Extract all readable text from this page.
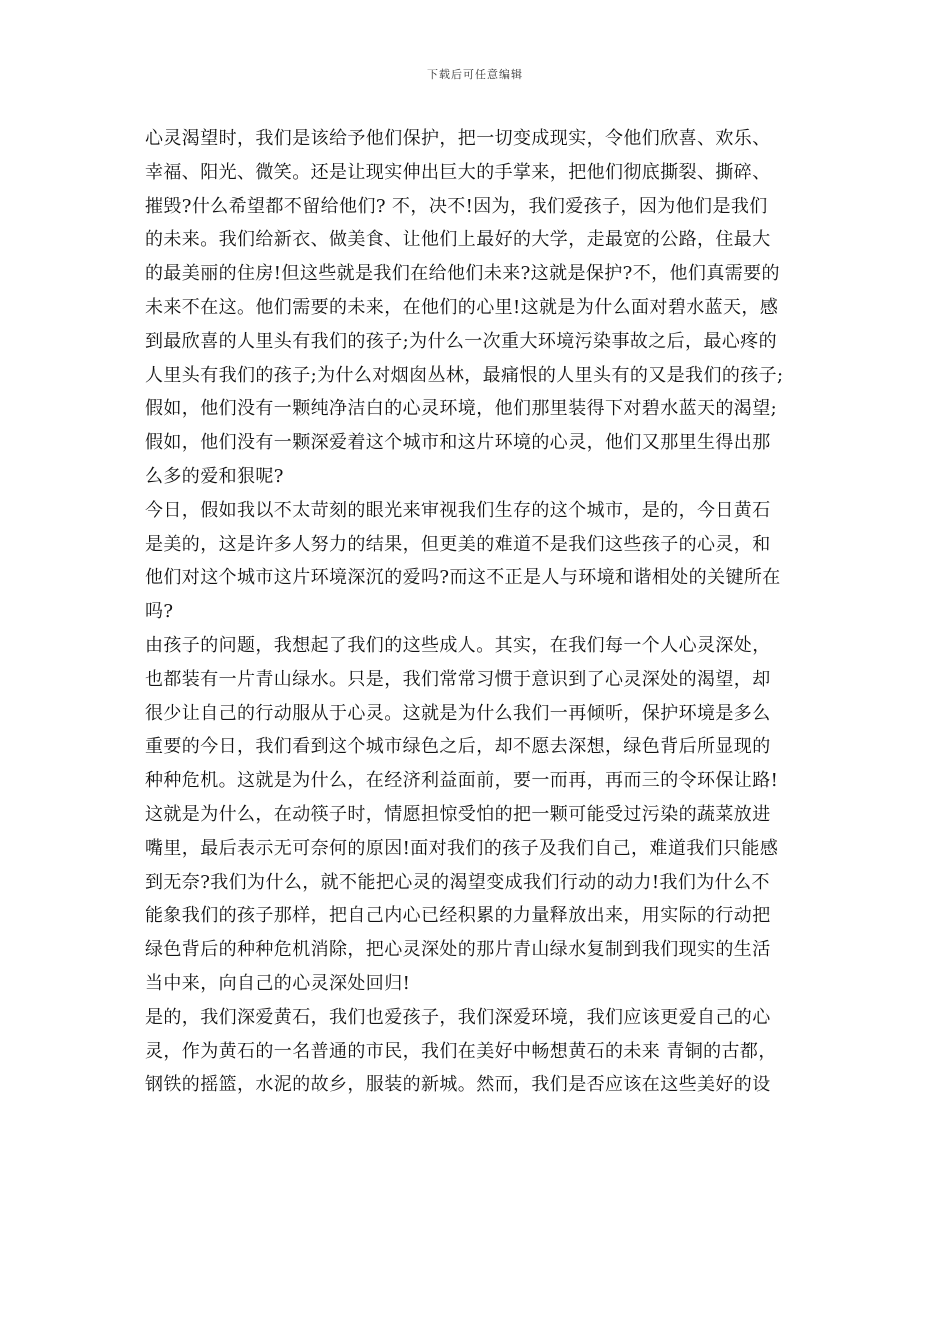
下载后可任意编辑
心灵渴望时，我们是该给予他们保护，把一切变成现实，令他们欣喜、欢乐、
幸福、阳光、微笑。还是让现实伸出巨大的手掌来，把他们彻底撕裂、撕碎、
摧毁?什么希望都不留给他们? 不，决不!因为，我们爱孩子，因为他们是我们
的未来。我们给新衣、做美食、让他们上最好的大学，走最宽的公路，住最大
的最美丽的住房!但这些就是我们在给他们未来?这就是保护?不，他们真需要的
未来不在这。他们需要的未来，在他们的心里!这就是为什么面对碧水蓝天，感
到最欣喜的人里头有我们的孩子;为什么一次重大环境污染事故之后，最心疼的
人里头有我们的孩子;为什么对烟囱丛林，最痛恨的人里头有的又是我们的孩子;
假如，他们没有一颗纯净洁白的心灵环境，他们那里装得下对碧水蓝天的渴望;
假如，他们没有一颗深爱着这个城市和这片环境的心灵，他们又那里生得出那
么多的爱和狠呢?
今日，假如我以不太苛刻的眼光来审视我们生存的这个城市，是的，今日黄石
是美的，这是许多人努力的结果，但更美的难道不是我们这些孩子的心灵，和
他们对这个城市这片环境深沉的爱吗?而这不正是人与环境和谐相处的关键所在
吗?
由孩子的问题，我想起了我们的这些成人。其实，在我们每一个人心灵深处，
也都装有一片青山绿水。只是，我们常常习惯于意识到了心灵深处的渴望，却
很少让自己的行动服从于心灵。这就是为什么我们一再倾听，保护环境是多么
重要的今日，我们看到这个城市绿色之后，却不愿去深想，绿色背后所显现的
种种危机。这就是为什么，在经济利益面前，要一而再，再而三的令环保让路!
这就是为什么，在动筷子时，情愿担惊受怕的把一颗可能受过污染的蔬菜放进
嘴里，最后表示无可奈何的原因!面对我们的孩子及我们自己，难道我们只能感
到无奈?我们为什么，就不能把心灵的渴望变成我们行动的动力!我们为什么不
能象我们的孩子那样，把自己内心已经积累的力量释放出来，用实际的行动把
绿色背后的种种危机消除，把心灵深处的那片青山绿水复制到我们现实的生活
当中来，向自己的心灵深处回归!
是的，我们深爱黄石，我们也爱孩子，我们深爱环境，我们应该更爱自己的心
灵，作为黄石的一名普通的市民，我们在美好中畅想黄石的未来 青铜的古都，
钢铁的摇篮，水泥的故乡，服装的新城。然而，我们是否应该在这些美好的设
